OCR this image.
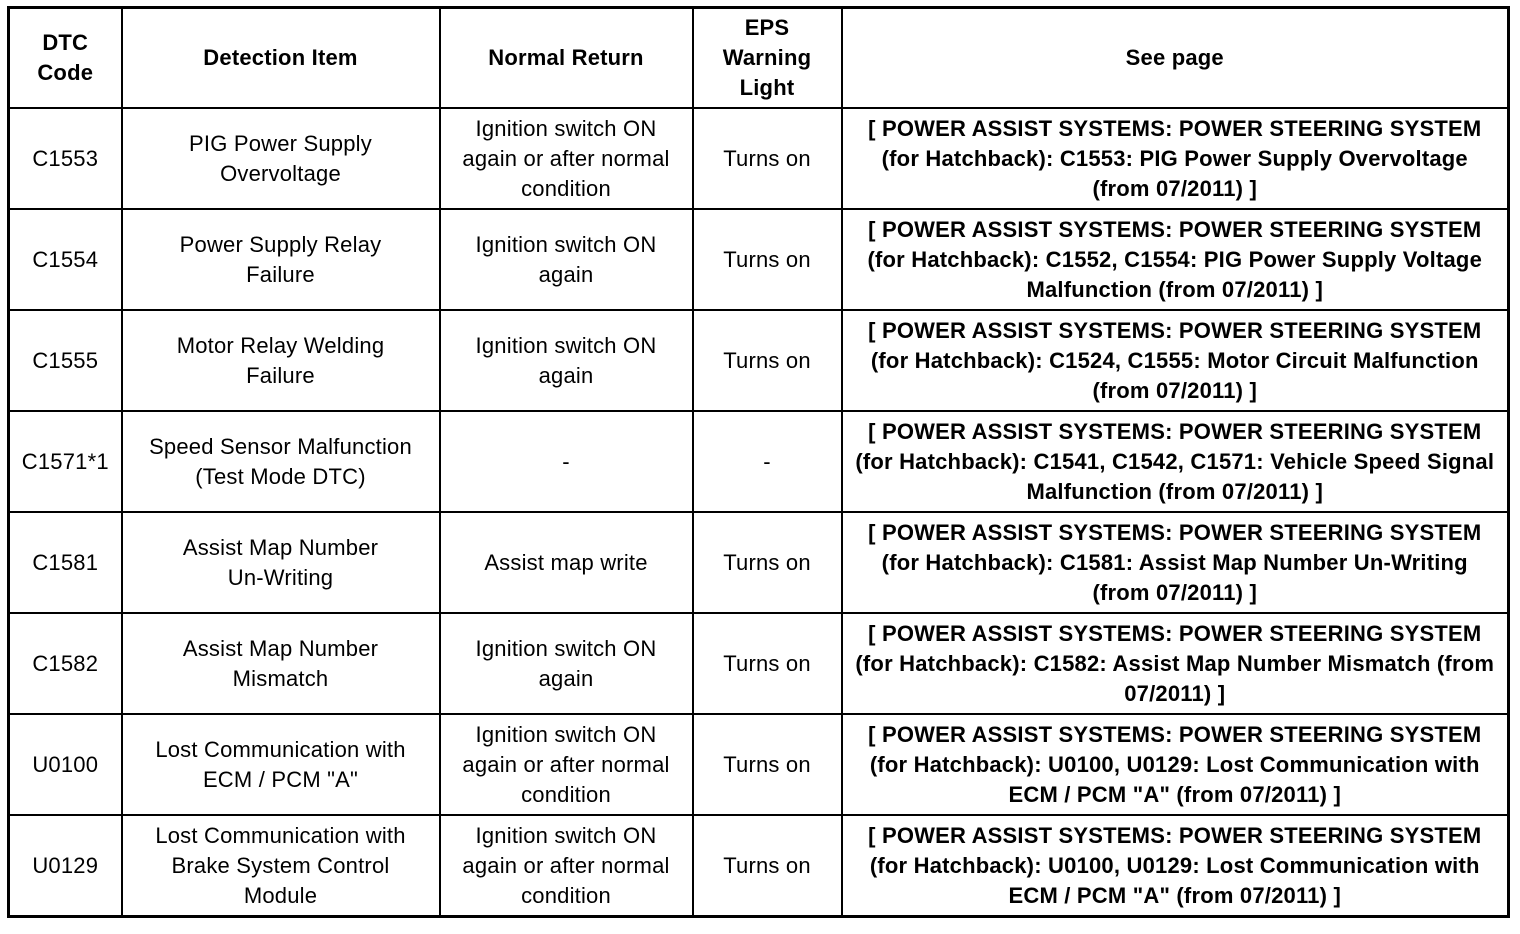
DTC Code	Detection Item	Normal Return	EPS Warning Light	See page
C1553	PIG Power Supply Overvoltage	Ignition switch ON again or after normal condition	Turns on	[ POWER ASSIST SYSTEMS: POWER STEERING SYSTEM (for Hatchback): C1553: PIG Power Supply Overvoltage (from 07/2011) ]
C1554	Power Supply Relay Failure	Ignition switch ON again	Turns on	[ POWER ASSIST SYSTEMS: POWER STEERING SYSTEM (for Hatchback): C1552, C1554: PIG Power Supply Voltage Malfunction (from 07/2011) ]
C1555	Motor Relay Welding Failure	Ignition switch ON again	Turns on	[ POWER ASSIST SYSTEMS: POWER STEERING SYSTEM (for Hatchback): C1524, C1555: Motor Circuit Malfunction (from 07/2011) ]
C1571*1	Speed Sensor Malfunction (Test Mode DTC)	-	-	[ POWER ASSIST SYSTEMS: POWER STEERING SYSTEM (for Hatchback): C1541, C1542, C1571: Vehicle Speed Signal Malfunction (from 07/2011) ]
C1581	Assist Map Number Un-Writing	Assist map write	Turns on	[ POWER ASSIST SYSTEMS: POWER STEERING SYSTEM (for Hatchback): C1581: Assist Map Number Un-Writing (from 07/2011) ]
C1582	Assist Map Number Mismatch	Ignition switch ON again	Turns on	[ POWER ASSIST SYSTEMS: POWER STEERING SYSTEM (for Hatchback): C1582: Assist Map Number Mismatch (from 07/2011) ]
U0100	Lost Communication with ECM / PCM "A"	Ignition switch ON again or after normal condition	Turns on	[ POWER ASSIST SYSTEMS: POWER STEERING SYSTEM (for Hatchback): U0100, U0129: Lost Communication with ECM / PCM "A" (from 07/2011) ]
U0129	Lost Communication with Brake System Control Module	Ignition switch ON again or after normal condition	Turns on	[ POWER ASSIST SYSTEMS: POWER STEERING SYSTEM (for Hatchback): U0100, U0129: Lost Communication with ECM / PCM "A" (from 07/2011) ]
